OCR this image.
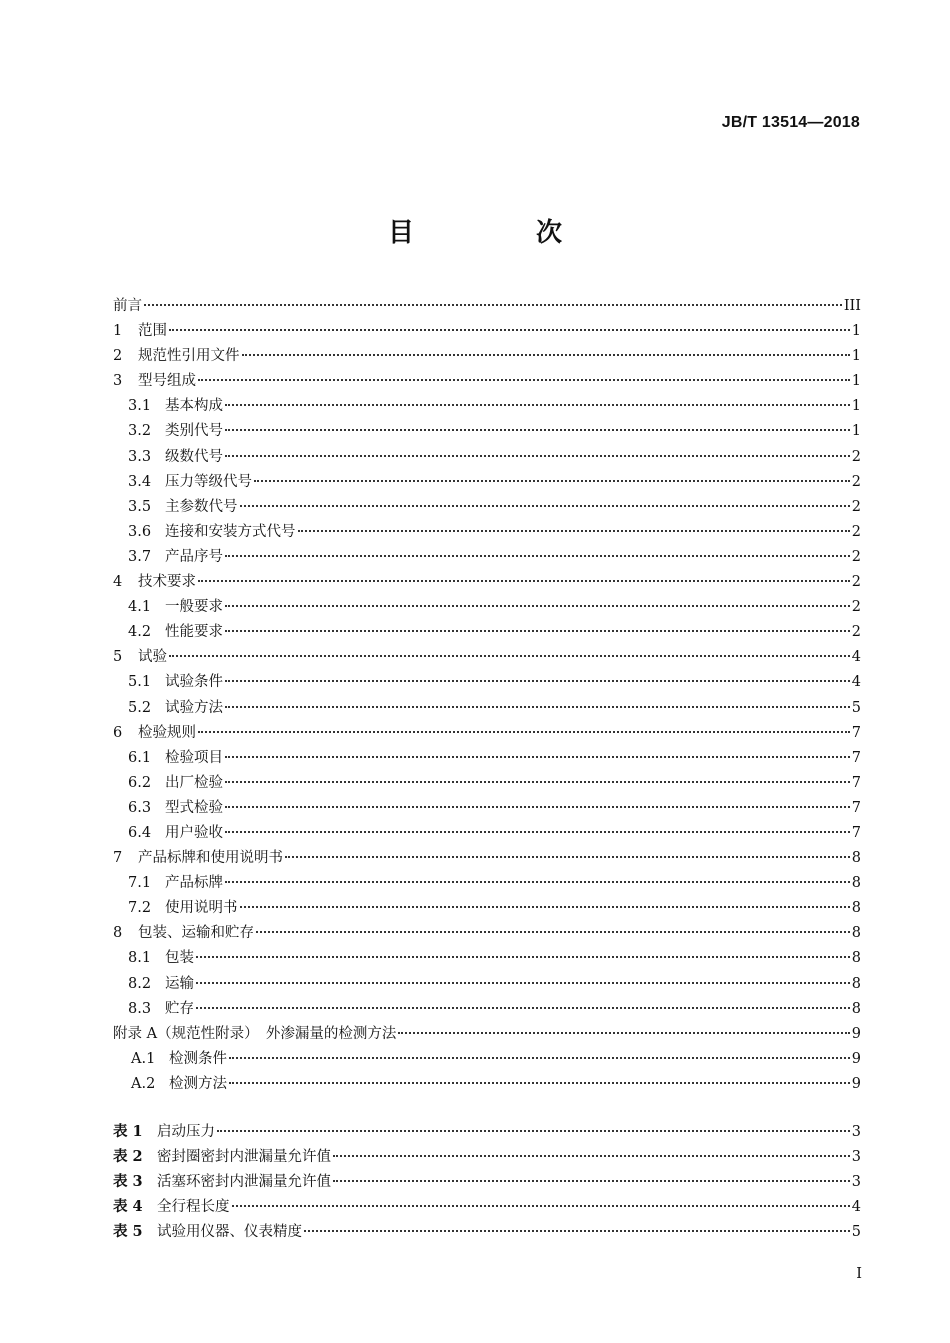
JB/T 13514—2018
目　次
前言	III
1	范围	1
2	规范性引用文件	1
3	型号组成	1
3.1 基本构成	1
3.2 类别代号	1
3.3 级数代号	2
3.4 压力等级代号	2
3.5 主参数代号	2
3.6 连接和安装方式代号	2
3.7 产品序号	2
4	技术要求	2
4.1 一般要求	2
4.2 性能要求	2
5	试验	4
5.1 试验条件	4
5.2 试验方法	5
6	检验规则	7
6.1 检验项目	7
6.2 出厂检验	7
6.3 型式检验	7
6.4 用户验收	7
7	产品标牌和使用说明书	8
7.1 产品标牌	8
7.2 使用说明书	8
8	包装、运输和贮存	8
8.1 包装	8
8.2 运输	8
8.3 贮存	8
附录 A（规范性附录）　外渗漏量的检测方法	9
A.1 检测条件	9
A.2 检测方法	9
表 1 启动压力	3
表 2 密封圈密封内泄漏量允许值	3
表 3 活塞环密封内泄漏量允许值	3
表 4 全行程长度	4
表 5 试验用仪器、仪表精度	5
I
